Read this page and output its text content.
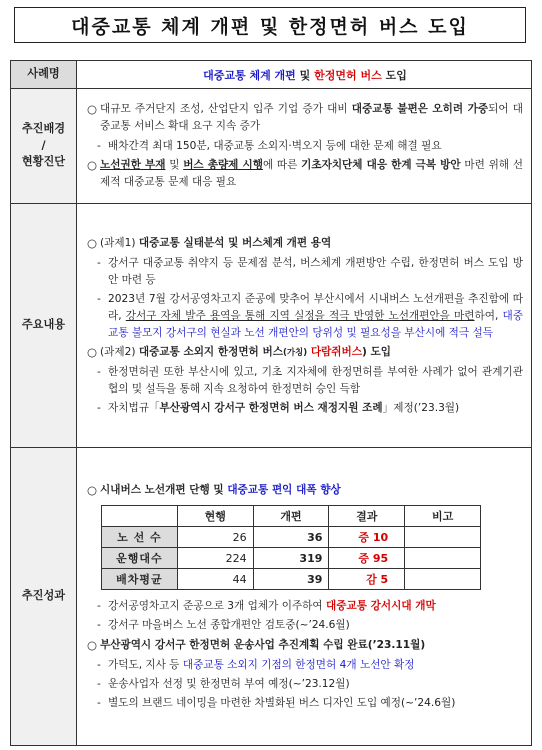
대중교통 체계 개편 및 한정면허 버스 도입
사례명	대중교통 체계 개편 및 한정면허 버스 도입

추진배경
/
현황진단

○ 대규모 주거단지 조성, 산업단지 입주 기업 증가 대비 대중교통 불편은 오히려 가중되어 대중교통 서비스 확대 요구 지속 증가
- 배차간격 최대 150분, 대중교통 소외지·벽오지 등에 대한 문제 해결 필요
○ 노선권한 부재 및 버스 총량제 시행에 따른 기초자치단체 대응 한계 극복 방안 마련 위해 선제적 대중교통 문제 대응 필요

주요내용	
○ (과제1) 대중교통 실태분석 및 버스체계 개편 용역
- 강서구 대중교통 취약지 등 문제점 분석, 버스체계 개편방안 수립, 한정면허 버스 도입 방안 마련 등
- 2023년 7월 강서공영차고지 준공에 맞추어 부산시에서 시내버스 노선개편을 추진함에 따라, 강서구 자체 발주 용역을 통해 지역 실정을 적극 반영한 노선개편안을 마련하여, 대중교통 불모지 강서구의 현실과 노선 개편안의 당위성 및 필요성을 부산시에 적극 설득
○ (과제2) 대중교통 소외지 한정면허 버스(가칭) 다람쥐버스) 도입
- 한정면허권 또한 부산시에 있고, 기초 지자체에 한정면허를 부여한 사례가 없어 관계기관 협의 및 설득을 통해 지속 요청하여 한정면허 승인 득함
- 자치법규「부산광역시 강서구 한정면허 버스 재정지원 조례」제정(’23.3월)

추진성과	
○ 시내버스 노선개편 단행 및 대중교통 편익 대폭 향상
	현행	개편	결과	비고
노 선 수	26	36	증 10	
운행대수	224	319	증 95	
배차평균	44	39	감 5	
- 강서공영차고지 준공으로 3개 업체가 이주하여 대중교통 강서시대 개막
- 강서구 마을버스 노선 종합개편안 검토중(~’24.6월)
○ 부산광역시 강서구 한정면허 운송사업 추진계획 수립 완료(’23.11월)
- 가덕도, 지사 등 대중교통 소외지 기점의 한정면허 4개 노선안 확정
- 운송사업자 선정 및 한정면허 부여 예정(~’23.12월)
- 별도의 브랜드 네이밍을 마련한 차별화된 버스 디자인 도입 예정(~’24.6월)
